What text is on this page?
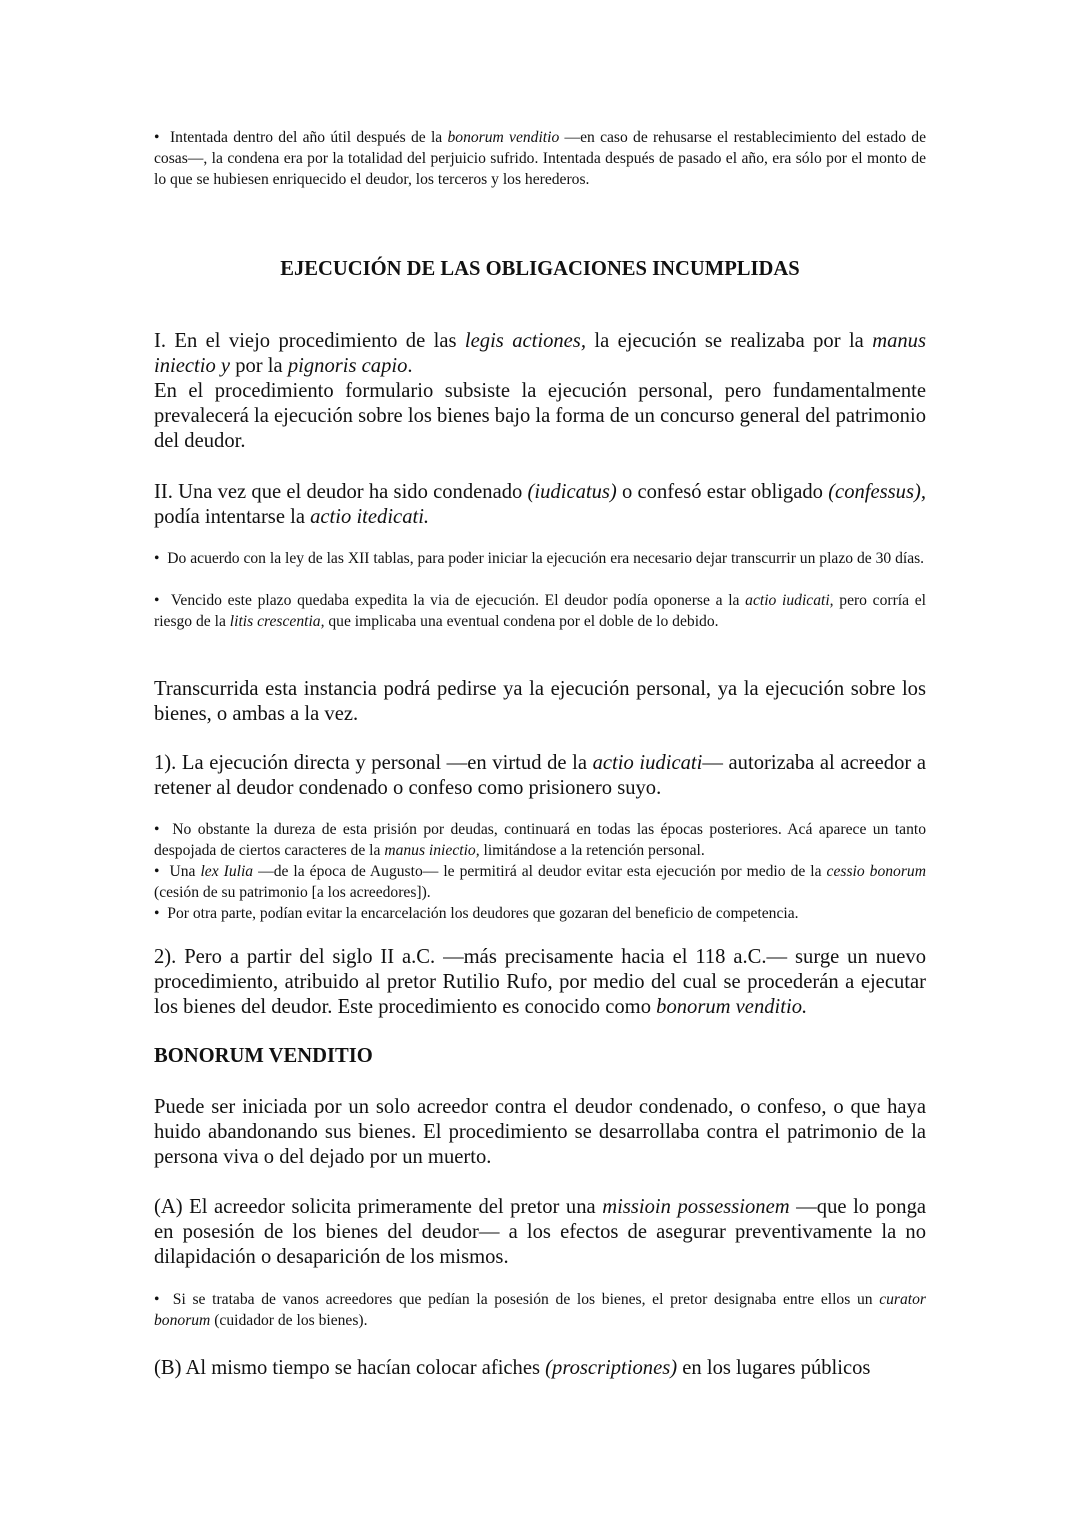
•  Intentada dentro del año útil después de la bonorum venditio —en caso de rehusarse el restablecimiento del estado de cosas—, la condena era por la totalidad del perjuicio sufrido. Intentada después de pasado el año, era sólo por el monto de lo que se hubiesen enriquecido el deudor, los terceros y los herederos.

EJECUCIÓN DE LAS OBLIGACIONES INCUMPLIDAS

I. En el viejo procedimiento de las legis actiones, la ejecución se realizaba por la manus iniectio y por la pignoris capio.

En el procedimiento formulario subsiste la ejecución personal, pero fundamentalmente prevalecerá la ejecución sobre los bienes bajo la forma de un concurso general del patrimonio del deudor.

II. Una vez que el deudor ha sido condenado (iudicatus) o confesó estar obligado (confessus), podía intentarse la actio itedicati.

•  Do acuerdo con la ley de las XII tablas, para poder iniciar la ejecución era necesario dejar transcurrir un plazo de 30 días.

•  Vencido este plazo quedaba expedita la via de ejecución. El deudor podía oponerse a la actio iudicati, pero corría el riesgo de la litis crescentia, que implicaba una eventual condena por el doble de lo debido.

Transcurrida esta instancia podrá pedirse ya la ejecución personal, ya la ejecución sobre los bienes, o ambas a la vez.

1). La ejecución directa y personal —en virtud de la actio iudicati— autorizaba al acreedor a retener al deudor condenado o confeso como prisionero suyo.

•  No obstante la dureza de esta prisión por deudas, continuará en todas las épocas posteriores. Acá aparece un tanto despojada de ciertos caracteres de la manus iniectio, limitándose a la retención personal.

•  Una lex Iulia —de la época de Augusto— le permitirá al deudor evitar esta ejecución por medio de la cessio bonorum (cesión de su patrimonio [a los acreedores]).

•  Por otra parte, podían evitar la encarcelación los deudores que gozaran del beneficio de competencia.

2). Pero a partir del siglo II a.C. —más precisamente hacia el 118 a.C.— surge un nuevo procedimiento, atribuido al pretor Rutilio Rufo, por medio del cual se procederán a ejecutar los bienes del deudor. Este procedimiento es conocido como bonorum venditio.

BONORUM VENDITIO

Puede ser iniciada por un solo acreedor contra el deudor condenado, o confeso, o que haya huido abandonando sus bienes. El procedimiento se desarrollaba contra el patrimonio de la persona viva o del dejado por un muerto.

(A) El acreedor solicita primeramente del pretor una missioin possessionem —que lo ponga en posesión de los bienes del deudor— a los efectos de asegurar preventivamente la no dilapidación o desaparición de los mismos.

•  Si se trataba de vanos acreedores que pedían la posesión de los bienes, el pretor designaba entre ellos un curator bonorum (cuidador de los bienes).

(B) Al mismo tiempo se hacían colocar afiches (proscriptiones) en los lugares públicos
